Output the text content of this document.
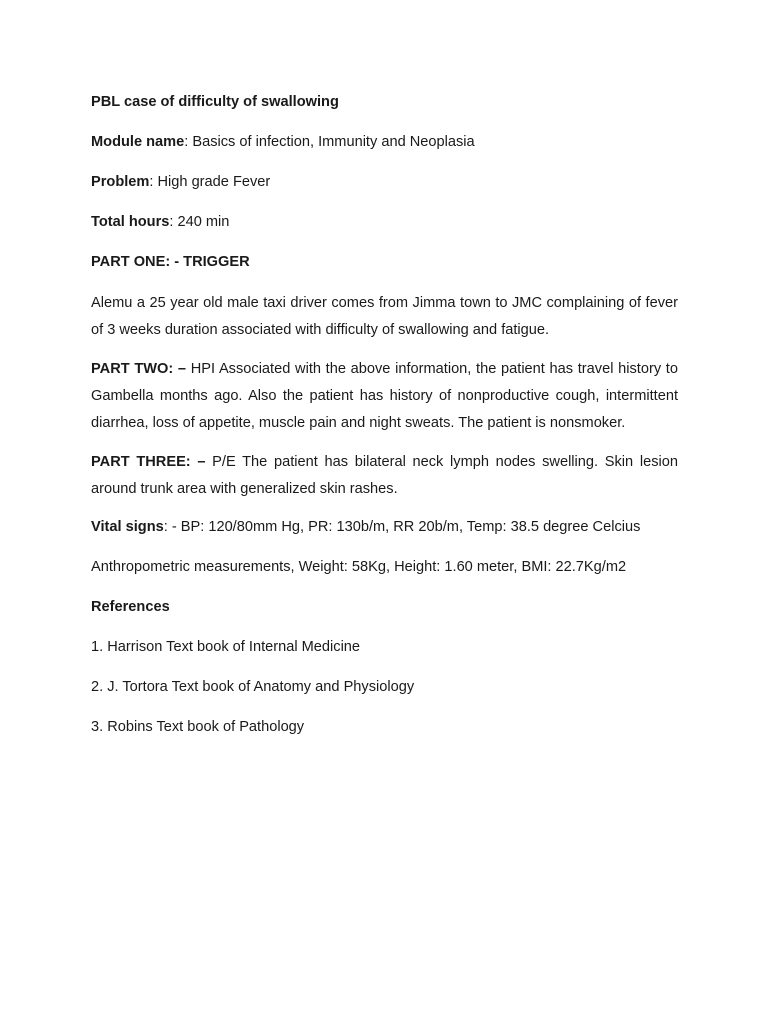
PBL case of difficulty of swallowing

Module name: Basics of infection, Immunity and Neoplasia

Problem: High grade Fever

Total hours: 240 min

PART ONE: - TRIGGER

Alemu a 25 year old male taxi driver comes from Jimma town to JMC complaining of fever of 3 weeks duration associated with difficulty of swallowing and fatigue.

PART TWO: – HPI Associated with the above information, the patient has travel history to Gambella months ago. Also the patient has history of nonproductive cough, intermittent diarrhea, loss of appetite, muscle pain and night sweats. The patient is nonsmoker.

PART THREE: – P/E The patient has bilateral neck lymph nodes swelling. Skin lesion around trunk area with generalized skin rashes.

Vital signs: - BP: 120/80mm Hg, PR: 130b/m, RR 20b/m, Temp: 38.5 degree Celcius

Anthropometric measurements, Weight: 58Kg, Height: 1.60 meter, BMI: 22.7Kg/m2

References

1. Harrison Text book of Internal Medicine

2. J. Tortora Text book of Anatomy and Physiology

3. Robins Text book of Pathology
